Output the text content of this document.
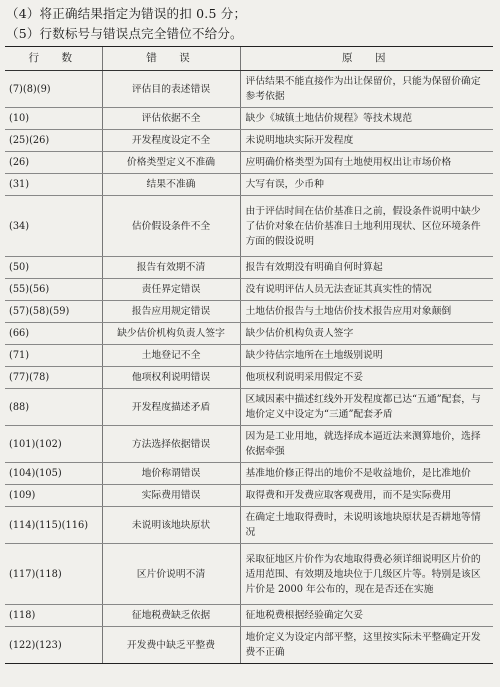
（4）将正确结果指定为错误的扣 0.5 分；

（5）行数标号与错误点完全错位不给分。

行　数	错　误	原　因
(7)(8)(9)	评估目的表述错误	评估结果不能直接作为出让保留价，只能为保留价确定参考依据
(10)	评估依据不全	缺少《城镇土地估价规程》等技术规范
(25)(26)	开发程度设定不全	未说明地块实际开发程度
(26)	价格类型定义不准确	应明确价格类型为国有土地使用权出让市场价格
(31)	结果不准确	大写有误，少币种
(34)	估价假设条件不全	由于评估时间在估价基准日之前，假设条件说明中缺少了估价对象在估价基准日土地利用现状、区位环境条件方面的假设说明
(50)	报告有效期不清	报告有效期没有明确自何时算起
(55)(56)	责任界定错误	没有说明评估人员无法查证其真实性的情况
(57)(58)(59)	报告应用规定错误	土地估价报告与土地估价技术报告应用对象颠倒
(66)	缺少估价机构负责人签字	缺少估价机构负责人签字
(71)	土地登记不全	缺少待估宗地所在土地级别说明
(77)(78)	他项权利说明错误	他项权利说明采用假定不妥
(88)	开发程度描述矛盾	区域因素中描述红线外开发程度都已达“五通”配套，与地价定义中设定为“三通”配套矛盾
(101)(102)	方法选择依据错误	因为是工业用地，就选择成本逼近法来测算地价，选择依据牵强
(104)(105)	地价称谓错误	基准地价修正得出的地价不是收益地价，是比准地价
(109)	实际费用错误	取得费和开发费应取客观费用，而不是实际费用
(114)(115)(116)	未说明该地块原状	在确定土地取得费时，未说明该地块原状是否耕地等情况
(117)(118)	区片价说明不清	采取征地区片价作为农地取得费必须详细说明区片价的适用范围、有效期及地块位于几级区片等。特别是该区片价是 2000 年公布的，现在是否还在实施
(118)	征地税费缺乏依据	征地税费根据经验确定欠妥
(122)(123)	开发费中缺乏平整费	地价定义为设定内部平整，这里按实际未平整确定开发费不正确
